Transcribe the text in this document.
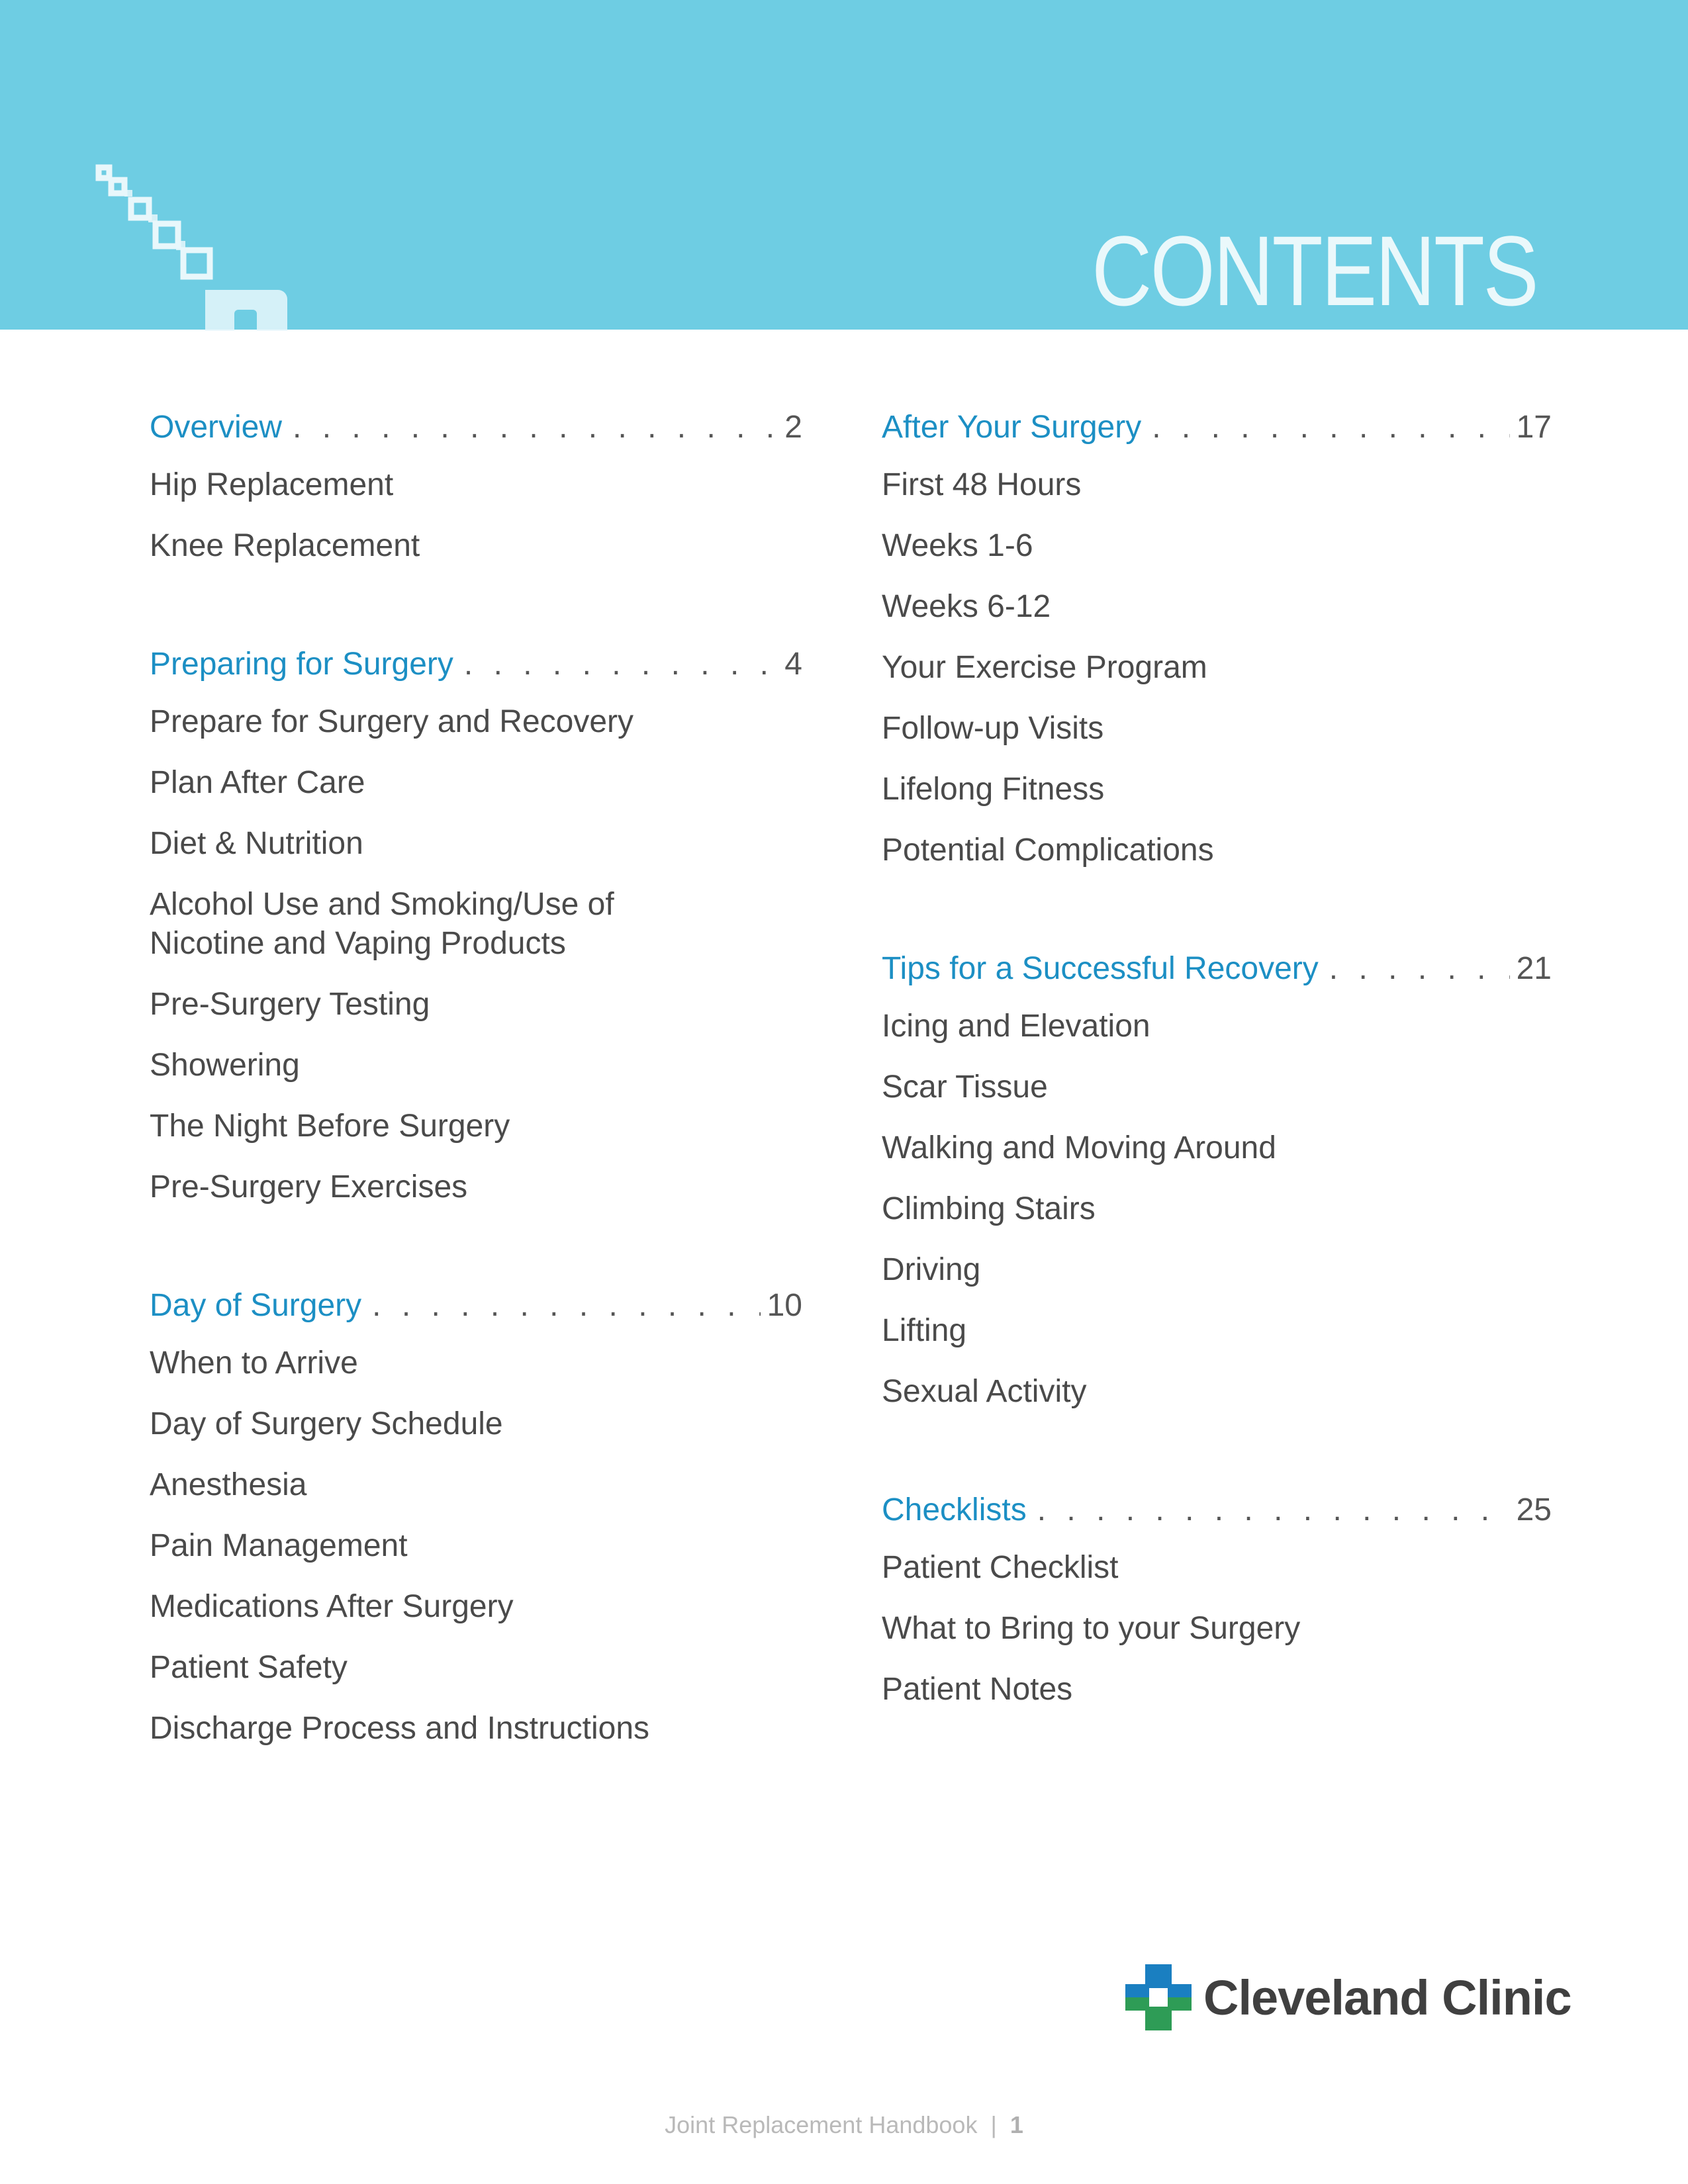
CONTENTS
Overview . . .	2
Hip Replacement
Knee Replacement
Preparing for Surgery . . .	4
Prepare for Surgery and Recovery
Plan After Care
Diet & Nutrition
Alcohol Use and Smoking/Use of Nicotine and Vaping Products
Pre-Surgery Testing
Showering
The Night Before Surgery
Pre-Surgery Exercises
Day of Surgery . . .	10
When to Arrive
Day of Surgery Schedule
Anesthesia
Pain Management
Medications After Surgery
Patient Safety
Discharge Process and Instructions
After Your Surgery . . .	17
First 48 Hours
Weeks 1-6
Weeks 6-12
Your Exercise Program
Follow-up Visits
Lifelong Fitness
Potential Complications
Tips for a Successful Recovery . . .	21
Icing and Elevation
Scar Tissue
Walking and Moving Around
Climbing Stairs
Driving
Lifting
Sexual Activity
Checklists . . .	25
Patient Checklist
What to Bring to your Surgery
Patient Notes
Cleveland Clinic
Joint Replacement Handbook | 1
